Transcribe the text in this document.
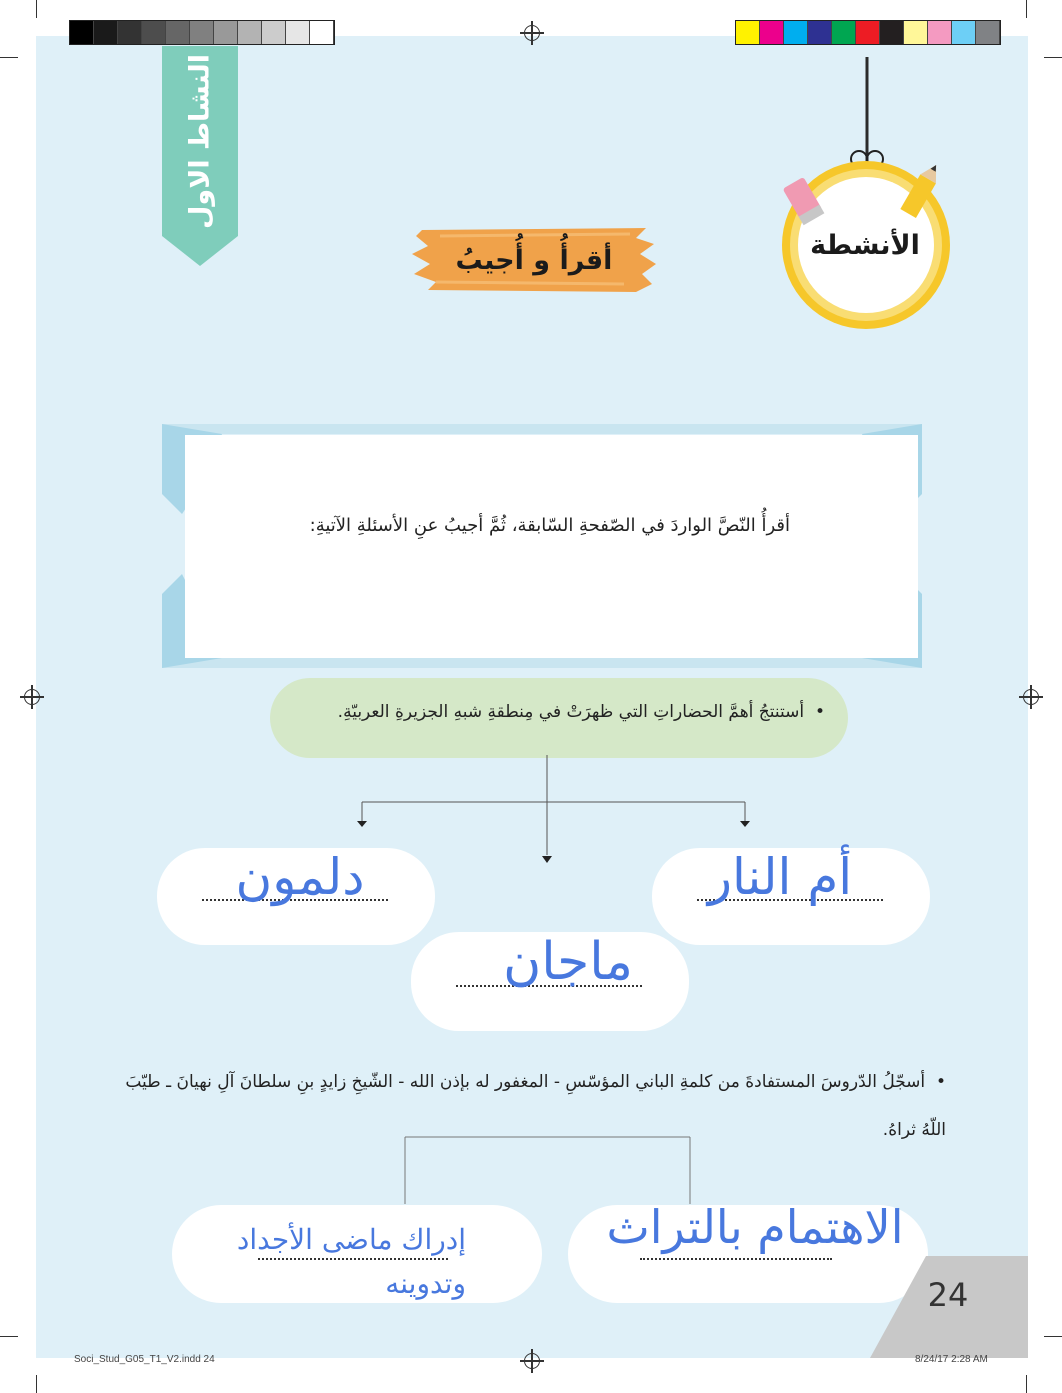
النشاط الاول
أقرأُ و أُجيبُ	الأنشطة
أقرأُ النّصَّ الواردَ في الصّفحةِ السّابقة، ثُمَّ أجيبُ عنِ الأسئلةِ الآتيةِ:
•  أستنتجُ أهمَّ الحضاراتِ التي ظهرَتْ في مِنطقةِ شبهِ الجزيرةِ العربيّةِ.
أم النار
دلمون
ماجان
•  أسجّلُ الدّروسَ المستفادةَ من كلمةِ الباني المؤسّسِ - المغفور له بإذن الله - الشّيخِ زايدٍ بنِ سلطانَ آلِ نهيانَ ـ طيّبَ اللّهُ ثراهُ.
الاهتمام بالتراث
إدراك ماضى الأجداد وتدوينه	24
Soci_Stud_G05_T1_V2.indd 24	8/24/17 2:28 AM
